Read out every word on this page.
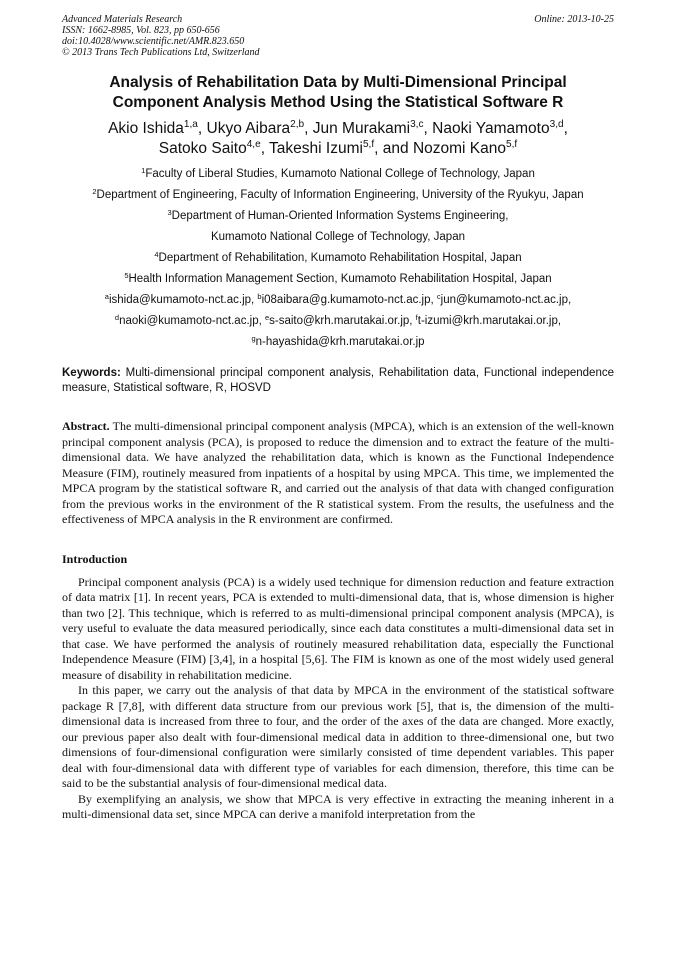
Advanced Materials Research
ISSN: 1662-8985, Vol. 823, pp 650-656
doi:10.4028/www.scientific.net/AMR.823.650
© 2013 Trans Tech Publications Ltd, Switzerland
Online: 2013-10-25
Analysis of Rehabilitation Data by Multi-Dimensional Principal
Component Analysis Method Using the Statistical Software R
Akio Ishida$^{1,a}$, Ukyo Aibara$^{2,b}$, Jun Murakami$^{3,c}$, Naoki Yamamoto$^{3,d}$,
Satoko Saito$^{4,e}$, Takeshi Izumi$^{5,f}$, and Nozomi Kano$^{5,f}$
$^1$Faculty of Liberal Studies, Kumamoto National College of Technology, Japan
$^2$Department of Engineering, Faculty of Information Engineering, University of the Ryukyu, Japan
$^3$Department of Human-Oriented Information Systems Engineering,
Kumamoto National College of Technology, Japan
$^4$Department of Rehabilitation, Kumamoto Rehabilitation Hospital, Japan
$^5$Health Information Management Section, Kumamoto Rehabilitation Hospital, Japan
$^a$ishida@kumamoto-nct.ac.jp, $^b$i08aibara@g.kumamoto-nct.ac.jp, $^c$jun@kumamoto-nct.ac.jp,
$^d$naoki@kumamoto-nct.ac.jp, $^e$s-saito@krh.marutakai.or.jp, $^f$t-izumi@krh.marutakai.or.jp,
$^g$n-hayashida@krh.marutakai.or.jp
Keywords: Multi-dimensional principal component analysis, Rehabilitation data, Functional independence measure, Statistical software, R, HOSVD
Abstract. The multi-dimensional principal component analysis (MPCA), which is an extension of the well-known principal component analysis (PCA), is proposed to reduce the dimension and to extract the feature of the multi-dimensional data. We have analyzed the rehabilitation data, which is known as the Functional Independence Measure (FIM), routinely measured from inpatients of a hospital by using MPCA. This time, we implemented the MPCA program by the statistical software R, and carried out the analysis of that data with changed configuration from the previous works in the environment of the R statistical system. From the results, the usefulness and the effectiveness of MPCA analysis in the R environment are confirmed.
Introduction

Principal component analysis (PCA) is a widely used technique for dimension reduction and feature extraction of data matrix [1]. In recent years, PCA is extended to multi-dimensional data, that is, whose dimension is higher than two [2]. This technique, which is referred to as multi-dimensional principal component analysis (MPCA), is very useful to evaluate the data measured periodically, since each data constitutes a multi-dimensional data set in that case. We have performed the analysis of routinely measured rehabilitation data, especially the Functional Independence Measure (FIM) [3,4], in a hospital [5,6]. The FIM is known as one of the most widely used general measure of disability in rehabilitation medicine.

In this paper, we carry out the analysis of that data by MPCA in the environment of the statistical software package R [7,8], with different data structure from our previous work [5], that is, the dimension of the multi-dimensional data is increased from three to four, and the order of the axes of the data are changed. More exactly, our previous paper also dealt with four-dimensional medical data in addition to three-dimensional one, but two dimensions of four-dimensional configuration were similarly consisted of time dependent variables. This paper deal with four-dimensional data with different type of variables for each dimension, therefore, this time can be said to be the substantial analysis of four-dimensional medical data.

By exemplifying an analysis, we show that MPCA is very effective in extracting the meaning inherent in a multi-dimensional data set, since MPCA can derive a manifold interpretation from the
